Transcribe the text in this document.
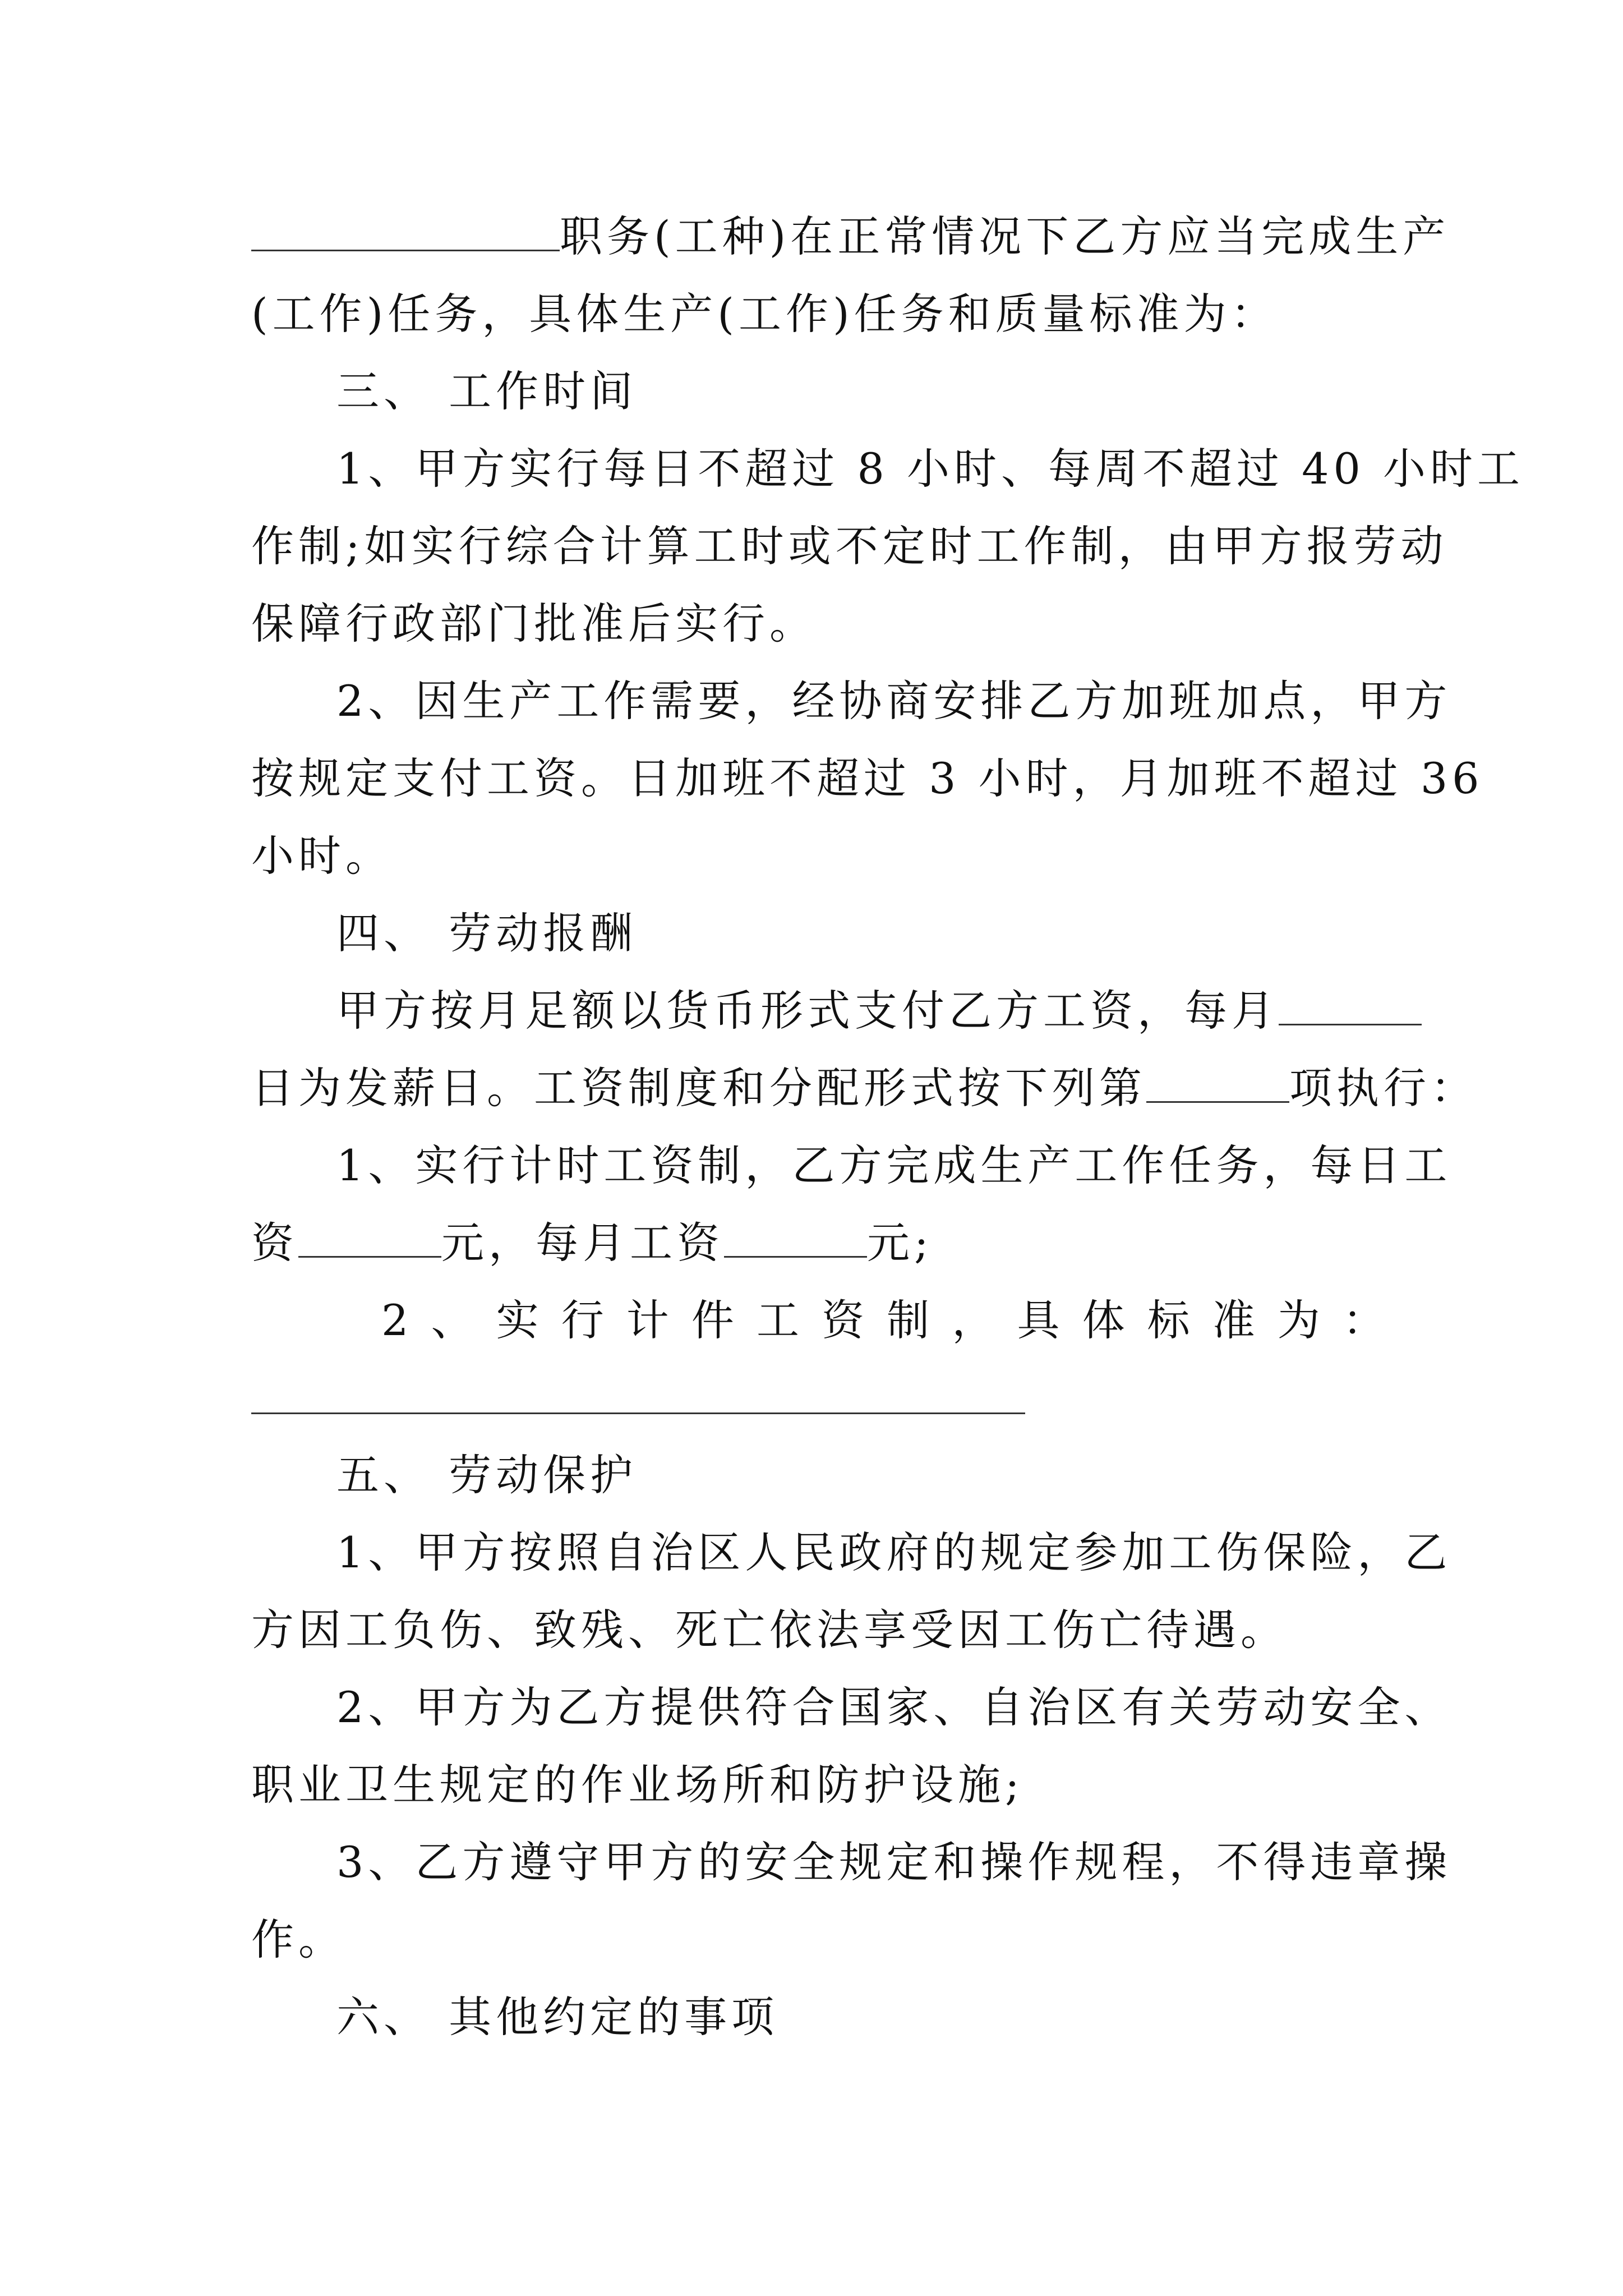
职务(工种)在正常情况下乙方应当完成生产
(工作)任务，具体生产(工作)任务和质量标准为：
三、 工作时间
1、甲方实行每日不超过 8 小时、每周不超过 40 小时工
作制;如实行综合计算工时或不定时工作制，由甲方报劳动
保障行政部门批准后实行。
2、因生产工作需要，经协商安排乙方加班加点，甲方
按规定支付工资。日加班不超过 3 小时，月加班不超过 36
小时。
四、 劳动报酬
甲方按月足额以货币形式支付乙方工资，每月
日为发薪日。工资制度和分配形式按下列第	项执行：
1、实行计时工资制，乙方完成生产工作任务，每日工
资	元，每月工资	元;
2 、 实 行 计 件 工 资 制 ， 具 体 标 准 为 ：
五、 劳动保护
1、甲方按照自治区人民政府的规定参加工伤保险，乙
方因工负伤、致残、死亡依法享受因工伤亡待遇。
2、甲方为乙方提供符合国家、自治区有关劳动安全、
职业卫生规定的作业场所和防护设施;
3、乙方遵守甲方的安全规定和操作规程，不得违章操
作。
六、 其他约定的事项
